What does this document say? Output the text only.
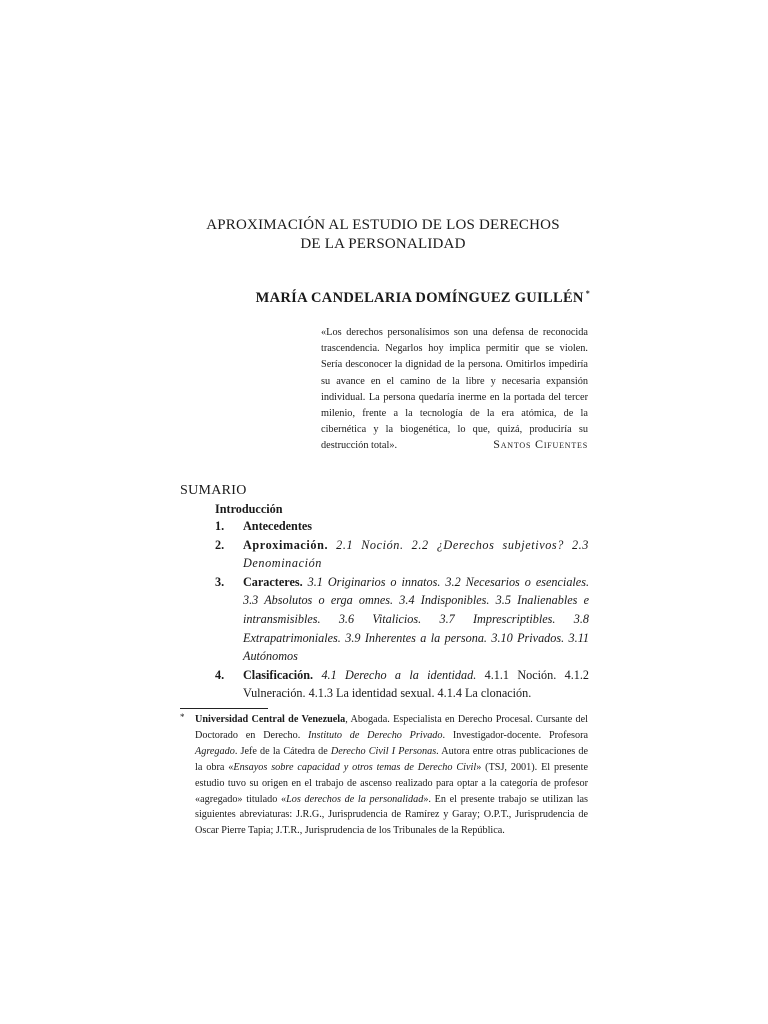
APROXIMACIÓN AL ESTUDIO DE LOS DERECHOS
DE LA PERSONALIDAD
MARÍA CANDELARIA DOMÍNGUEZ GUILLÉN *
«Los derechos personalísimos son una defensa de reconocida trascendencia. Negarlos hoy implica permitir que se violen. Sería desconocer la dignidad de la persona. Omitirlos impediría su avance en el camino de la libre y necesaria expansión individual. La persona quedaría inerme en la portada del tercer milenio, frente a la tecnología de la era atómica, de la cibernética y la biogenética, lo que, quizá, produciría su destrucción total».	Santos Cifuentes
SUMARIO
Introducción
1. Antecedentes
2. Aproximación. 2.1 Noción. 2.2 ¿Derechos subjetivos? 2.3 Denominación
3. Caracteres. 3.1 Originarios o innatos. 3.2 Necesarios o esenciales. 3.3 Absolutos o erga omnes. 3.4 Indisponibles. 3.5 Inalienables e intransmisibles. 3.6 Vitalicios. 3.7 Imprescriptibles. 3.8 Extrapatrimoniales. 3.9 Inherentes a la persona. 3.10 Privados. 3.11 Autónomos
4. Clasificación. 4.1 Derecho a la identidad. 4.1.1 Noción. 4.1.2 Vulneración. 4.1.3 La identidad sexual. 4.1.4 La clonación.
* Universidad Central de Venezuela, Abogada. Especialista en Derecho Procesal. Cursante del Doctorado en Derecho. Instituto de Derecho Privado. Investigador-docente. Profesora Agregado. Jefe de la Cátedra de Derecho Civil I Personas. Autora entre otras publicaciones de la obra «Ensayos sobre capacidad y otros temas de Derecho Civil» (TSJ, 2001). El presente estudio tuvo su origen en el trabajo de ascenso realizado para optar a la categoría de profesor «agregado» titulado «Los derechos de la personalidad». En el presente trabajo se utilizan las siguientes abreviaturas: J.R.G., Jurisprudencia de Ramírez y Garay; O.P.T., Jurisprudencia de Oscar Pierre Tapia; J.T.R., Jurisprudencia de los Tribunales de la República.
